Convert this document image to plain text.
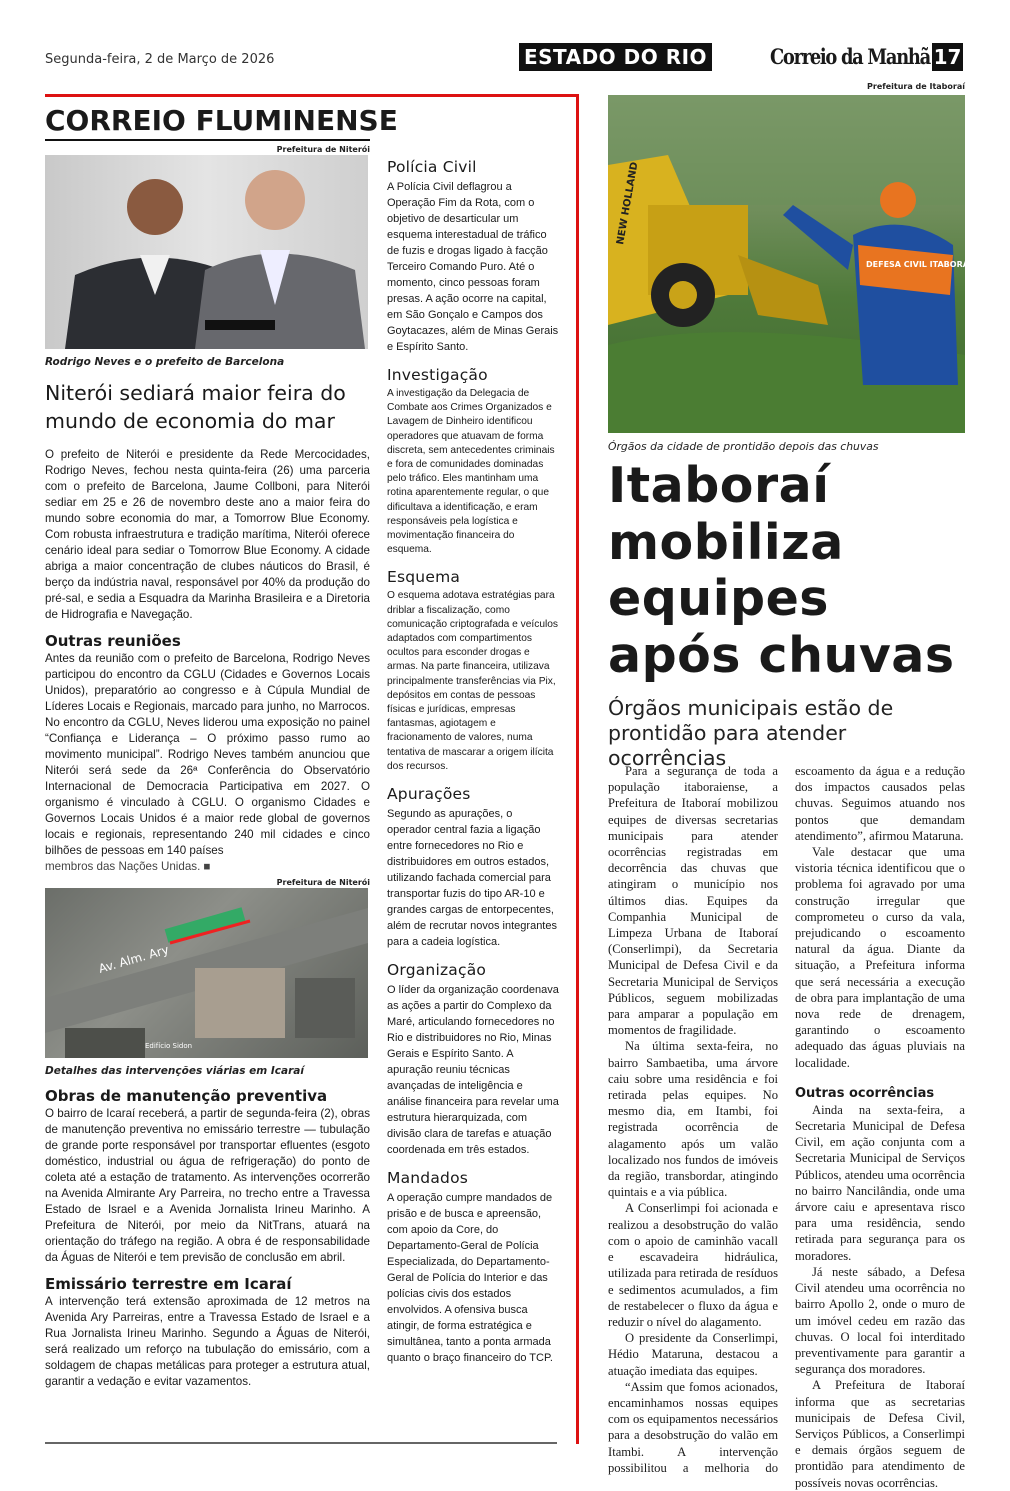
Segunda-feira, 2 de Março de 2026	ESTADO DO RIO	Correio da Manhã 17
CORREIO FLUMINENSE
Prefeitura de Niterói
Rodrigo Neves e o prefeito de Barcelona
Niterói sediará maior feira do mundo de economia do mar

O prefeito de Niterói e presidente da Rede Mercocidades, Rodrigo Neves, fechou nesta quinta-feira (26) uma parceria com o prefeito de Barcelona, Jaume Collboni, para Niterói sediar em 25 e 26 de novembro deste ano a maior feira do mundo sobre economia do mar, a Tomorrow Blue Economy. Com robusta infraestrutura e tradição marítima, Niterói oferece cenário ideal para sediar o Tomorrow Blue Economy. A cidade abriga a maior concentração de clubes náuticos do Brasil, é berço da indústria naval, responsável por 40% da produção do pré-sal, e sedia a Esquadra da Marinha Brasileira e a Diretoria de Hidrografia e Navegação.

Outras reuniões

Antes da reunião com o prefeito de Barcelona, Rodrigo Neves participou do encontro da CGLU (Cidades e Governos Locais Unidos), preparatório ao congresso e à Cúpula Mundial de Líderes Locais e Regionais, marcado para junho, no Marrocos. No encontro da CGLU, Neves liderou uma exposição no painel “Confiança e Liderança – O próximo passo rumo ao movimento municipal”. Rodrigo Neves também anunciou que Niterói será sede da 26ª Conferência do Observatório Internacional de Democracia Participativa em 2027. O organismo é vinculado à CGLU. O organismo Cidades e Governos Locais Unidos é a maior rede global de governos locais e regionais, representando 240 mil cidades e cinco bilhões de pessoas em 140 países

membros das Nações Unidas. ■
Prefeitura de Niterói
Av. Alm. Ary
Edifício Sidon
Detalhes das intervenções viárias em Icaraí
Obras de manutenção preventiva

O bairro de Icaraí receberá, a partir de segunda-feira (2), obras de manutenção preventiva no emissário terrestre — tubulação de grande porte responsável por transportar efluentes (esgoto doméstico, industrial ou água de refrigeração) do ponto de coleta até a estação de tratamento. As intervenções ocorrerão na Avenida Almirante Ary Parreira, no trecho entre a Travessa Estado de Israel e a Avenida Jornalista Irineu Marinho. A Prefeitura de Niterói, por meio da NitTrans, atuará na orientação do tráfego na região. A obra é de responsabilidade da Águas de Niterói e tem previsão de conclusão em abril.

Emissário terrestre em Icaraí

A intervenção terá extensão aproximada de 12 metros na Avenida Ary Parreiras, entre a Travessa Estado de Israel e a Rua Jornalista Irineu Marinho. Segundo a Águas de Niterói, será realizado um reforço na tubulação do emissário, com a soldagem de chapas metálicas para proteger a estrutura atual, garantir a vedação e evitar vazamentos.

Polícia Civil

A Polícia Civil deflagrou a Operação Fim da Rota, com o objetivo de desarticular um esquema interestadual de tráfico de fuzis e drogas ligado à facção Terceiro Comando Puro. Até o momento, cinco pessoas foram presas. A ação ocorre na capital, em São Gonçalo e Campos dos Goytacazes, além de Minas Gerais e Espírito Santo.

Investigação

A investigação da Delegacia de Combate aos Crimes Organizados e Lavagem de Dinheiro identificou operadores que atuavam de forma discreta, sem antecedentes criminais e fora de comunidades dominadas pelo tráfico. Eles mantinham uma rotina aparentemente regular, o que dificultava a identificação, e eram responsáveis pela logística e movimentação financeira do esquema.

Esquema

O esquema adotava estratégias para driblar a fiscalização, como comunicação criptografada e veículos adaptados com compartimentos ocultos para esconder drogas e armas. Na parte financeira, utilizava principalmente transferências via Pix, depósitos em contas de pessoas físicas e jurídicas, empresas fantasmas, agiotagem e fracionamento de valores, numa tentativa de mascarar a origem ilícita dos recursos.

Apurações

Segundo as apurações, o operador central fazia a ligação entre fornecedores no Rio e distribuidores em outros estados, utilizando fachada comercial para transportar fuzis do tipo AR-10 e grandes cargas de entorpecentes, além de recrutar novos integrantes para a cadeia logística.

Organização

O líder da organização coordenava as ações a partir do Complexo da Maré, articulando fornecedores no Rio e distribuidores no Rio, Minas Gerais e Espírito Santo. A apuração reuniu técnicas avançadas de inteligência e análise financeira para revelar uma estrutura hierarquizada, com divisão clara de tarefas e atuação coordenada em três estados.

Mandados

A operação cumpre mandados de prisão e de busca e apreensão, com apoio da Core, do Departamento-Geral de Polícia Especializada, do Departamento-Geral de Polícia do Interior e das polícias civis dos estados envolvidos. A ofensiva busca atingir, de forma estratégica e simultânea, tanto a ponta armada quanto o braço financeiro do TCP.

Prefeitura de Itaboraí
NEW HOLLAND
DEFESA CIVIL ITABORAÍ - RJ
Órgãos da cidade de prontidão depois das chuvas
Itaboraí mobiliza equipes após chuvas
Órgãos municipais estão de prontidão para atender ocorrências

Para a segurança de toda a população itaboraiense, a Prefeitura de Itaboraí mobilizou equipes de diversas secretarias municipais para atender ocorrências registradas em decorrência das chuvas que atingiram o município nos últimos dias. Equipes da Companhia Municipal de Limpeza Urbana de Itaboraí (Conserlimpi), da Secretaria Municipal de Defesa Civil e da Secretaria Municipal de Serviços Públicos, seguem mobilizadas para amparar a população em momentos de fragilidade.

Na última sexta-feira, no bairro Sambaetiba, uma árvore caiu sobre uma residência e foi retirada pelas equipes. No mesmo dia, em Itambi, foi registrada ocorrência de alagamento após um valão localizado nos fundos de imóveis da região, transbordar, atingindo quintais e a via pública.

A Conserlimpi foi acionada e realizou a desobstrução do valão com o apoio de caminhão vacall e escavadeira hidráulica, utilizada para retirada de resíduos e sedimentos acumulados, a fim de restabelecer o fluxo da água e reduzir o nível do alagamento.

O presidente da Conserlimpi, Hédio Mataruna, destacou a atuação imediata das equipes.

“Assim que fomos acionados, encaminhamos nossas equipes com os equipamentos necessários para a desobstrução do valão em Itambi. A intervenção possibilitou a melhoria do escoamento da água e a redução dos impactos causados pelas chuvas. Seguimos atuando nos pontos que demandam atendimento”, afirmou Mataruna.

Vale destacar que uma vistoria técnica identificou que o problema foi agravado por uma construção irregular que comprometeu o curso da vala, prejudicando o escoamento natural da água. Diante da situação, a Prefeitura informa que será necessária a execução de obra para implantação de uma nova rede de drenagem, garantindo o escoamento adequado das águas pluviais na localidade.

Outras ocorrências

Ainda na sexta-feira, a Secretaria Municipal de Defesa Civil, em ação conjunta com a Secretaria Municipal de Serviços Públicos, atendeu uma ocorrência no bairro Nancilândia, onde uma árvore caiu e apresentava risco para uma residência, sendo retirada para segurança para os moradores.

Já neste sábado, a Defesa Civil atendeu uma ocorrência no bairro Apollo 2, onde o muro de um imóvel cedeu em razão das chuvas. O local foi interditado preventivamente para garantir a segurança dos moradores.

A Prefeitura de Itaboraí informa que as secretarias municipais de Defesa Civil, Serviços Públicos, a Conserlimpi e demais órgãos seguem de prontidão para atendimento de possíveis novas ocorrências.
